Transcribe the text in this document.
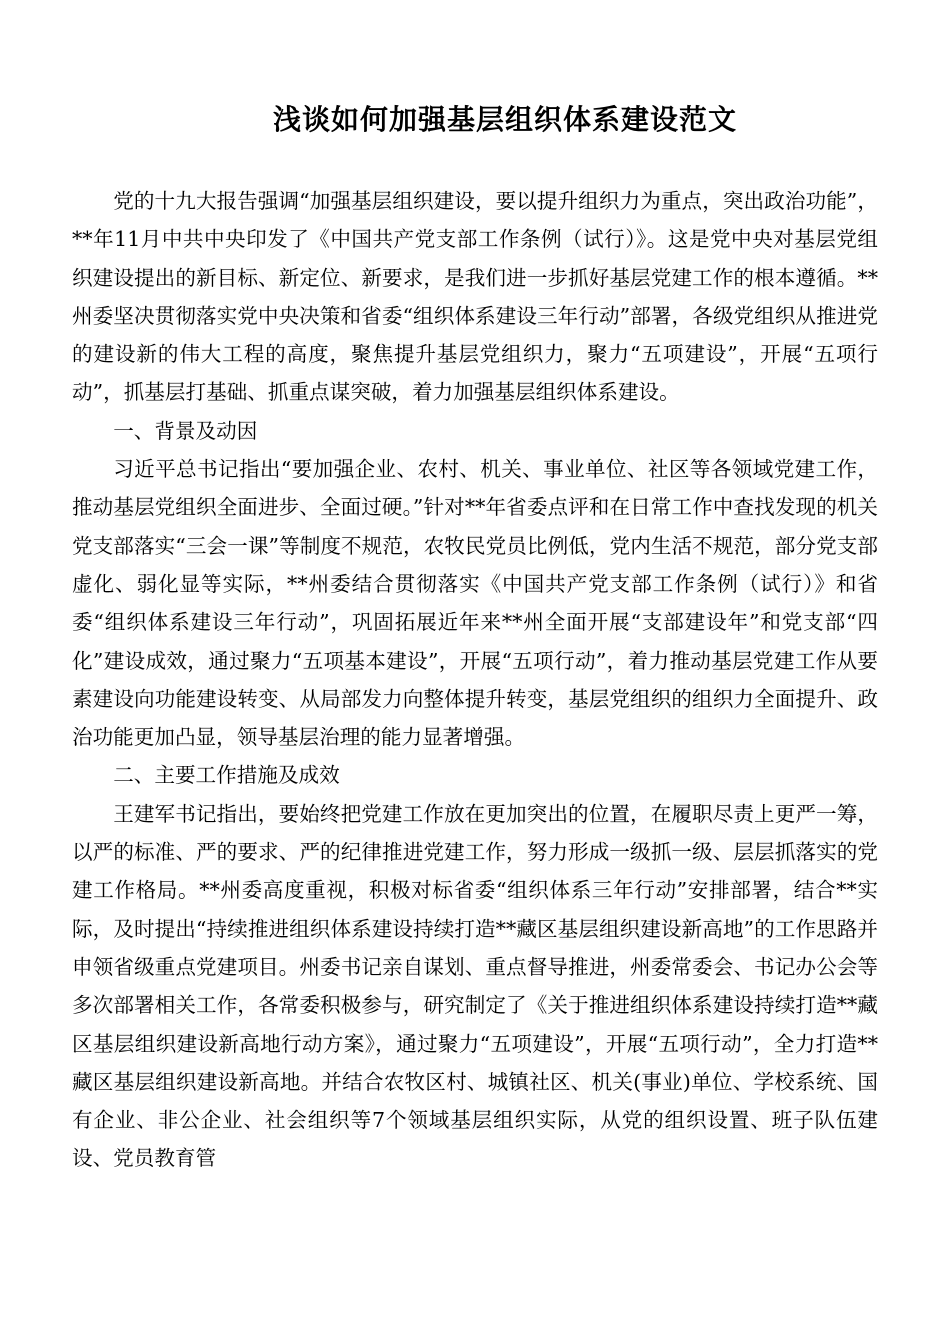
浅谈如何加强基层组织体系建设范文

党的十九大报告强调“加强基层组织建设，要以提升组织力为重点，突出政治功能”，**年11月中共中央印发了《中国共产党支部工作条例（试行）》。这是党中央对基层党组织建设提出的新目标、新定位、新要求，是我们进一步抓好基层党建工作的根本遵循。**州委坚决贯彻落实党中央决策和省委“组织体系建设三年行动”部署，各级党组织从推进党的建设新的伟大工程的高度，聚焦提升基层党组织力，聚力“五项建设”，开展“五项行动”，抓基层打基础、抓重点谋突破，着力加强基层组织体系建设。

一、背景及动因

习近平总书记指出“要加强企业、农村、机关、事业单位、社区等各领域党建工作，推动基层党组织全面进步、全面过硬。”针对**年省委点评和在日常工作中查找发现的机关党支部落实“三会一课”等制度不规范，农牧民党员比例低，党内生活不规范，部分党支部虚化、弱化显等实际，**州委结合贯彻落实《中国共产党支部工作条例（试行）》和省委“组织体系建设三年行动”，巩固拓展近年来**州全面开展“支部建设年”和党支部“四化”建设成效，通过聚力“五项基本建设”，开展“五项行动”，着力推动基层党建工作从要素建设向功能建设转变、从局部发力向整体提升转变，基层党组织的组织力全面提升、政治功能更加凸显，领导基层治理的能力显著增强。

二、主要工作措施及成效

王建军书记指出，要始终把党建工作放在更加突出的位置，在履职尽责上更严一筹，以严的标准、严的要求、严的纪律推进党建工作，努力形成一级抓一级、层层抓落实的党建工作格局。**州委高度重视，积极对标省委“组织体系三年行动”安排部署，结合**实际，及时提出“持续推进组织体系建设持续打造**藏区基层组织建设新高地”的工作思路并申领省级重点党建项目。州委书记亲自谋划、重点督导推进，州委常委会、书记办公会等多次部署相关工作，各常委积极参与，研究制定了《关于推进组织体系建设持续打造**藏区基层组织建设新高地行动方案》，通过聚力“五项建设”，开展“五项行动”，全力打造**藏区基层组织建设新高地。并结合农牧区村、城镇社区、机关(事业)单位、学校系统、国有企业、非公企业、社会组织等7个领域基层组织实际，从党的组织设置、班子队伍建设、党员教育管
